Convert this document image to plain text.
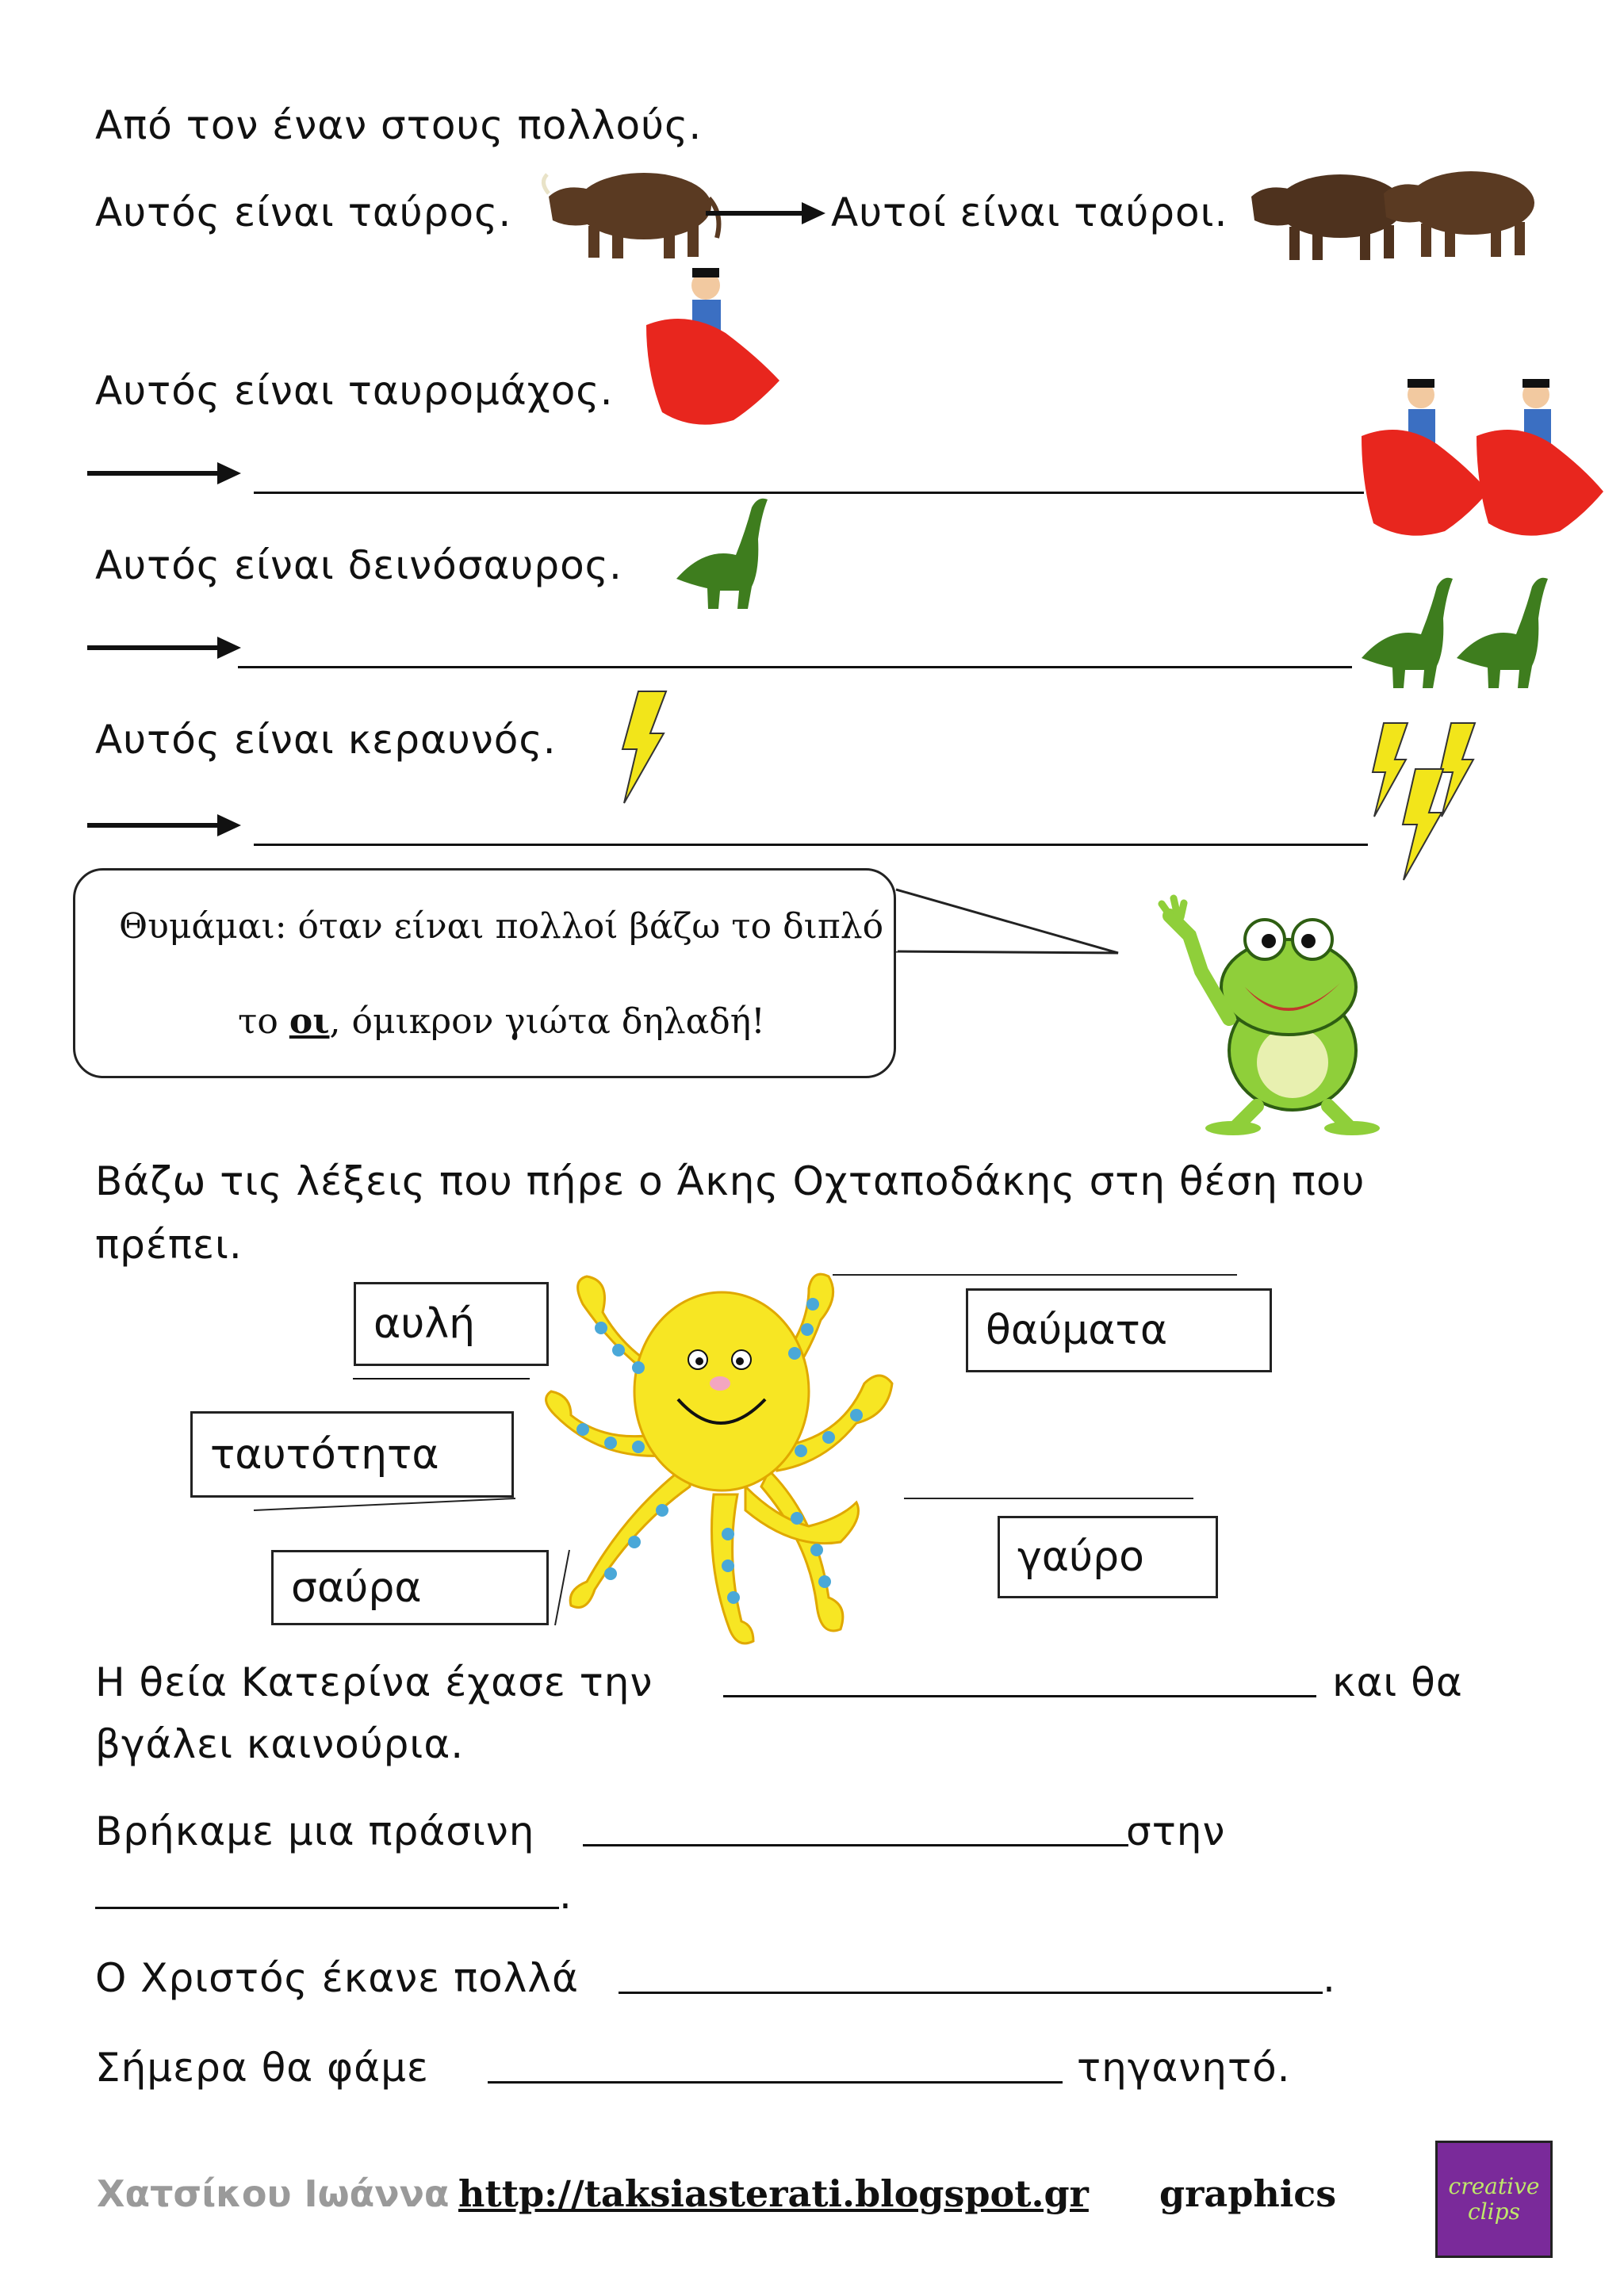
Από τον έναν στους πολλούς.
Αυτός είναι ταύρος.	Αυτοί είναι ταύροι.
Αυτός είναι ταυρομάχος.
Αυτός είναι δεινόσαυρος.
Αυτός είναι κεραυνός.
Θυμάμαι: όταν είναι πολλοί βάζω το διπλό
το οι, όμικρον γιώτα δηλαδή!
Βάζω τις λέξεις που πήρε ο Άκης Οχταποδάκης στη θέση που
πρέπει.
αυλή
ταυτότητα
σαύρα
θαύματα
γαύρο
Η θεία Κατερίνα έχασε την	και θα
βγάλει καινούρια.
Βρήκαμε μια πράσινη	στην
.
Ο Χριστός έκανε πολλά	.
Σήμερα θα φάμε	τηγανητό.
Χατσίκου Ιωάννα http://taksiasterati.blogspot.gr graphics	creative clips
